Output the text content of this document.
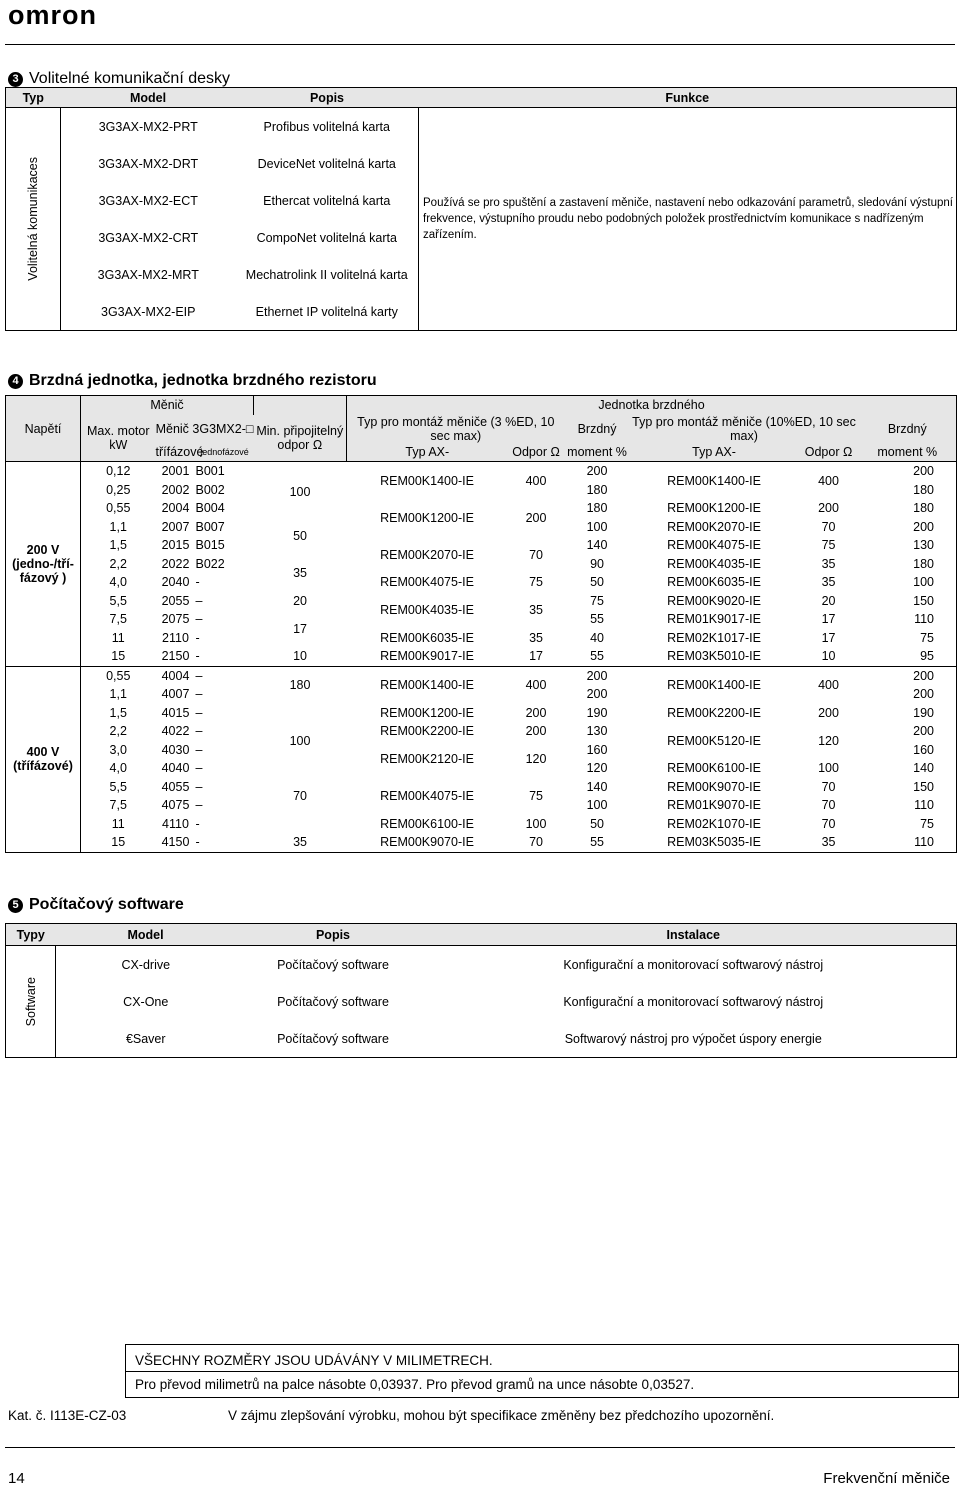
omron
3 Volitelné komunikační desky
Typ	Model	Popis	Funkce
	3G3AX-MX2-PRT	Profibus volitelná karta	

Volitelná komunikaces	3G3AX-MX2-DRT	DeviceNet volitelná karta	
	3G3AX-MX2-ECT	Ethercat volitelná karta	Používá se pro spuštění a zastavení měniče, nastavení nebo odkazování parametrů, sledování výstupní frekvence, výstupního proudu nebo podobných položek prostřednictvím komunikace s nadřízeným zařízením.
	3G3AX-MX2-CRT	CompoNet volitelná karta	
	3G3AX-MX2-MRT	Mechatrolink II volitelná karta	
	3G3AX-MX2-EIP	Ethernet IP volitelná karty	
4 Brzdná jednotka, jednotka brzdného rezistoru
Napětí	Měnič				Jednotka brzdného					
	Max. motor kW	Měnič 3G3MX2-□		Min. připojitelný odpor Ω	Typ pro montáž měniče (3 %ED, 10 sec max)		Brzdný	Typ pro montáž měniče (10%ED, 10 sec max)		Brzdný

		třífázové	jednofázové		Typ AX-	Odpor Ω	moment %	Typ AX-	Odpor Ω	moment %
200 V (jedno-/tří-fázový )	0,12	2001	B001	100	REM00K1400-IE	400	200	REM00K1400-IE	400	200
	0,25	2002	B002				180			180
	0,55	2004	B004		REM00K1200-IE	200	180	REM00K1200-IE	200	180
	1,1	2007	B007	50			100	REM00K2070-IE	70	200
	1,5	2015	B015		REM00K2070-IE	70	140	REM00K4075-IE	75	130
	2,2	2022	B022	35			90	REM00K4035-IE	35	180
	4,0	2040	-		REM00K4075-IE	75	50	REM00K6035-IE	35	100
	5,5	2055	–	20	REM00K4035-IE	35	75	REM00K9020-IE	20	150
	7,5	2075	–	17			55	REM01K9017-IE	17	110
	11	2110	-		REM00K6035-IE	35	40	REM02K1017-IE	17	75
	15	2150	-	10	REM00K9017-IE	17	55	REM03K5010-IE	10	95
400 V (třífázové)	0,55	4004	–	180	REM00K1400-IE	400	200	REM00K1400-IE	400	200
	1,1	4007	–				200			200
	1,5	4015	–	100	REM00K1200-IE	200	190	REM00K2200-IE	200	190
	2,2	4022	–		REM00K2200-IE	200	130	REM00K5120-IE	120	200
	3,0	4030	–		REM00K2120-IE	120	160			160
	4,0	4040	–				120	REM00K6100-IE	100	140
	5,5	4055	–	70	REM00K4075-IE	75	140	REM00K9070-IE	70	150
	7,5	4075	–				100	REM01K9070-IE	70	110
	11	4110	-		REM00K6100-IE	100	50	REM02K1070-IE	70	75
	15	4150	-	35	REM00K9070-IE	70	55	REM03K5035-IE	35	110
5 Počítačový software
Typy	Model	Popis	Instalace

Software	CX-drive	Počítačový software	Konfigurační a monitorovací softwarový nástroj
	CX-One	Počítačový software	Konfigurační a monitorovací softwarový nástroj
	€Saver	Počítačový software	Softwarový nástroj pro výpočet úspory energie
VŠECHNY ROZMĚRY JSOU UDÁVÁNY V MILIMETRECH.
Pro převod milimetrů na palce násobte 0,03937. Pro převod gramů na unce násobte 0,03527.
Kat. č. I113E-CZ-03	V zájmu zlepšování výrobku, mohou být specifikace změněny bez předchozího upozornění.
14	Frekvenční měniče
